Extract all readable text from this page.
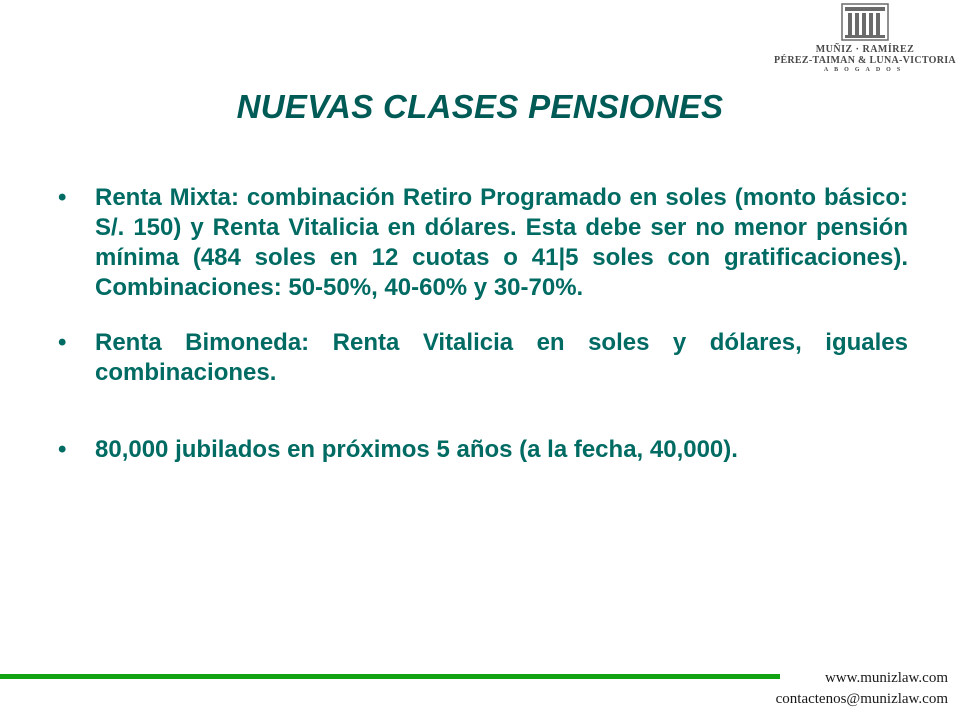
MUÑIZ · RAMÍREZ
PÉREZ-TAIMAN & LUNA-VICTORIA
ABOGADOS
NUEVAS CLASES PENSIONES
• Renta Mixta: combinación Retiro Programado en soles (monto básico: S/. 150) y Renta Vitalicia en dólares. Esta debe ser no menor pensión mínima (484 soles en 12 cuotas o 41|5 soles con gratificaciones). Combinaciones: 50-50%, 40-60% y 30-70%.
• Renta Bimoneda: Renta Vitalicia en soles y dólares, iguales combinaciones.
• 80,000 jubilados en próximos 5 años (a la fecha, 40,000).
www.munizlaw.com
contactenos@munizlaw.com
